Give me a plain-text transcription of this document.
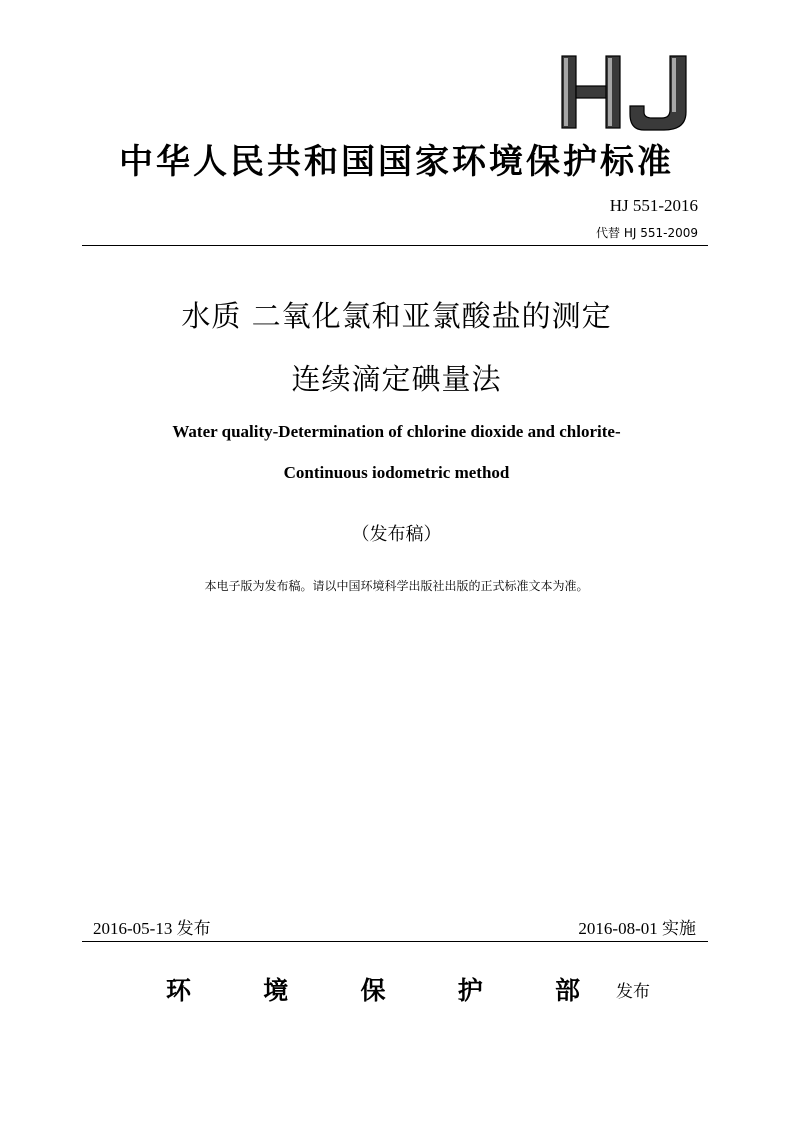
中华人民共和国国家环境保护标准
HJ 551-2016
代替 HJ 551-2009
水质 二氧化氯和亚氯酸盐的测定
连续滴定碘量法
Water quality-Determination of chlorine dioxide and chlorite-
Continuous iodometric method
（发布稿）
本电子版为发布稿。请以中国环境科学出版社出版的正式标准文本为准。
2016-05-13 发布	2016-08-01 实施
环	境	保	护	部 发布
